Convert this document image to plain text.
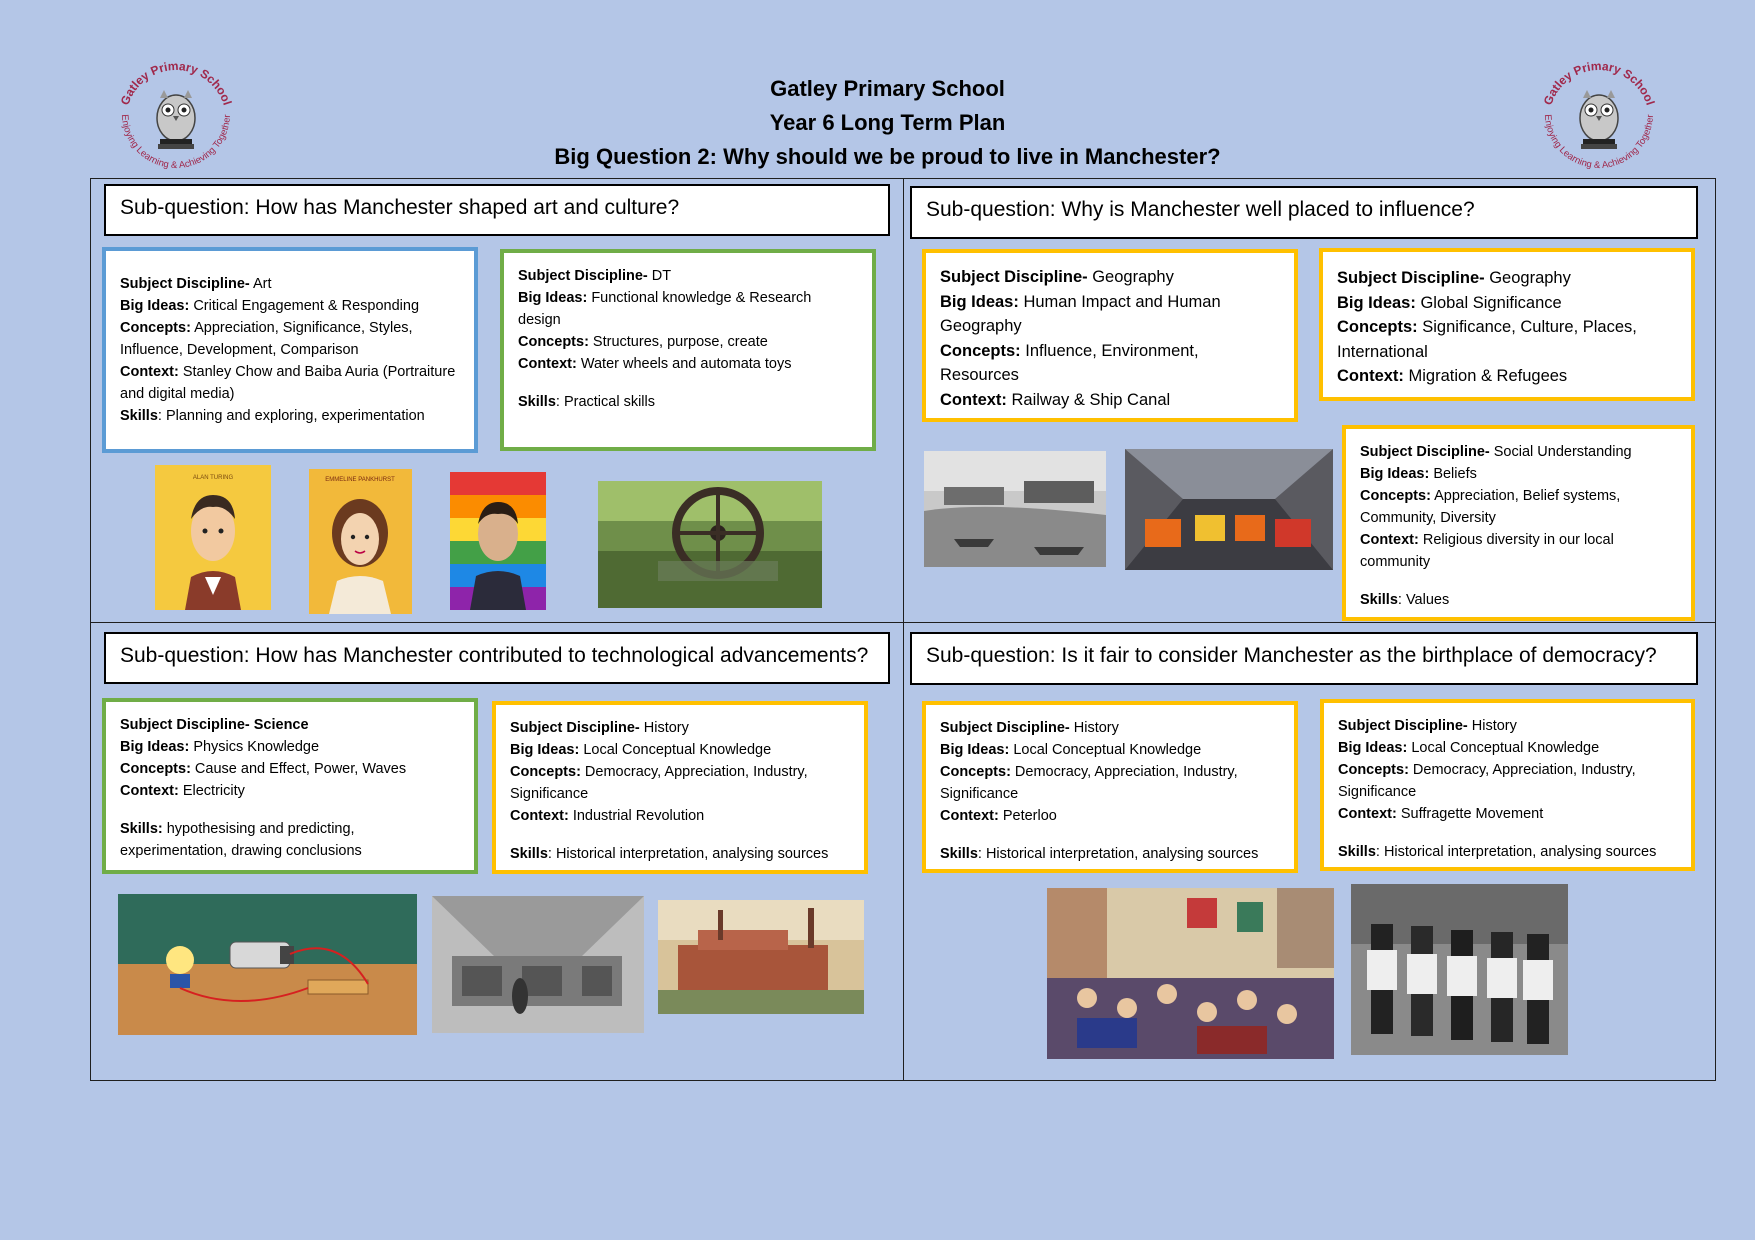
Gatley Primary School
Year 6 Long Term Plan
Big Question 2: Why should we be proud to live in Manchester?
Gatley Primary School
Enjoying Learning & Achieving Together
Gatley Primary School
Enjoying Learning & Achieving Together
Sub-question: How has Manchester shaped art and culture?
Subject Discipline- Art
Big Ideas: Critical Engagement & Responding
Concepts: Appreciation, Significance, Styles, Influence, Development, Comparison
Context: Stanley Chow and Baiba Auria (Portraiture and digital media)
Skills: Planning and exploring, experimentation
Subject Discipline- DT
Big Ideas: Functional knowledge & Research design
Concepts: Structures, purpose, create
Context: Water wheels and automata toys
Skills: Practical skills
ALAN TURING	EMMELINE PANKHURST
Sub-question: Why is Manchester well placed to influence?
Subject Discipline- Geography
Big Ideas: Human Impact and Human Geography
Concepts: Influence, Environment, Resources
Context: Railway & Ship Canal
Subject Discipline- Geography
Big Ideas: Global Significance
Concepts: Significance, Culture, Places, International
Context: Migration & Refugees
Subject Discipline- Social Understanding
Big Ideas: Beliefs
Concepts: Appreciation, Belief systems, Community, Diversity
Context: Religious diversity in our local community
Skills: Values
Sub-question: How has Manchester contributed to technological advancements?
Subject Discipline- Science
Big Ideas: Physics Knowledge
Concepts: Cause and Effect, Power, Waves
Context: Electricity
Skills: hypothesising and predicting, experimentation, drawing conclusions
Subject Discipline- History
Big Ideas: Local Conceptual Knowledge
Concepts: Democracy, Appreciation, Industry, Significance
Context: Industrial Revolution
Skills: Historical interpretation, analysing sources
Sub-question: Is it fair to consider Manchester as the birthplace of democracy?
Subject Discipline- History
Big Ideas: Local Conceptual Knowledge
Concepts: Democracy, Appreciation, Industry, Significance
Context: Peterloo
Skills: Historical interpretation, analysing sources
Subject Discipline- History
Big Ideas: Local Conceptual Knowledge
Concepts: Democracy, Appreciation, Industry, Significance
Context: Suffragette Movement
Skills: Historical interpretation, analysing sources
